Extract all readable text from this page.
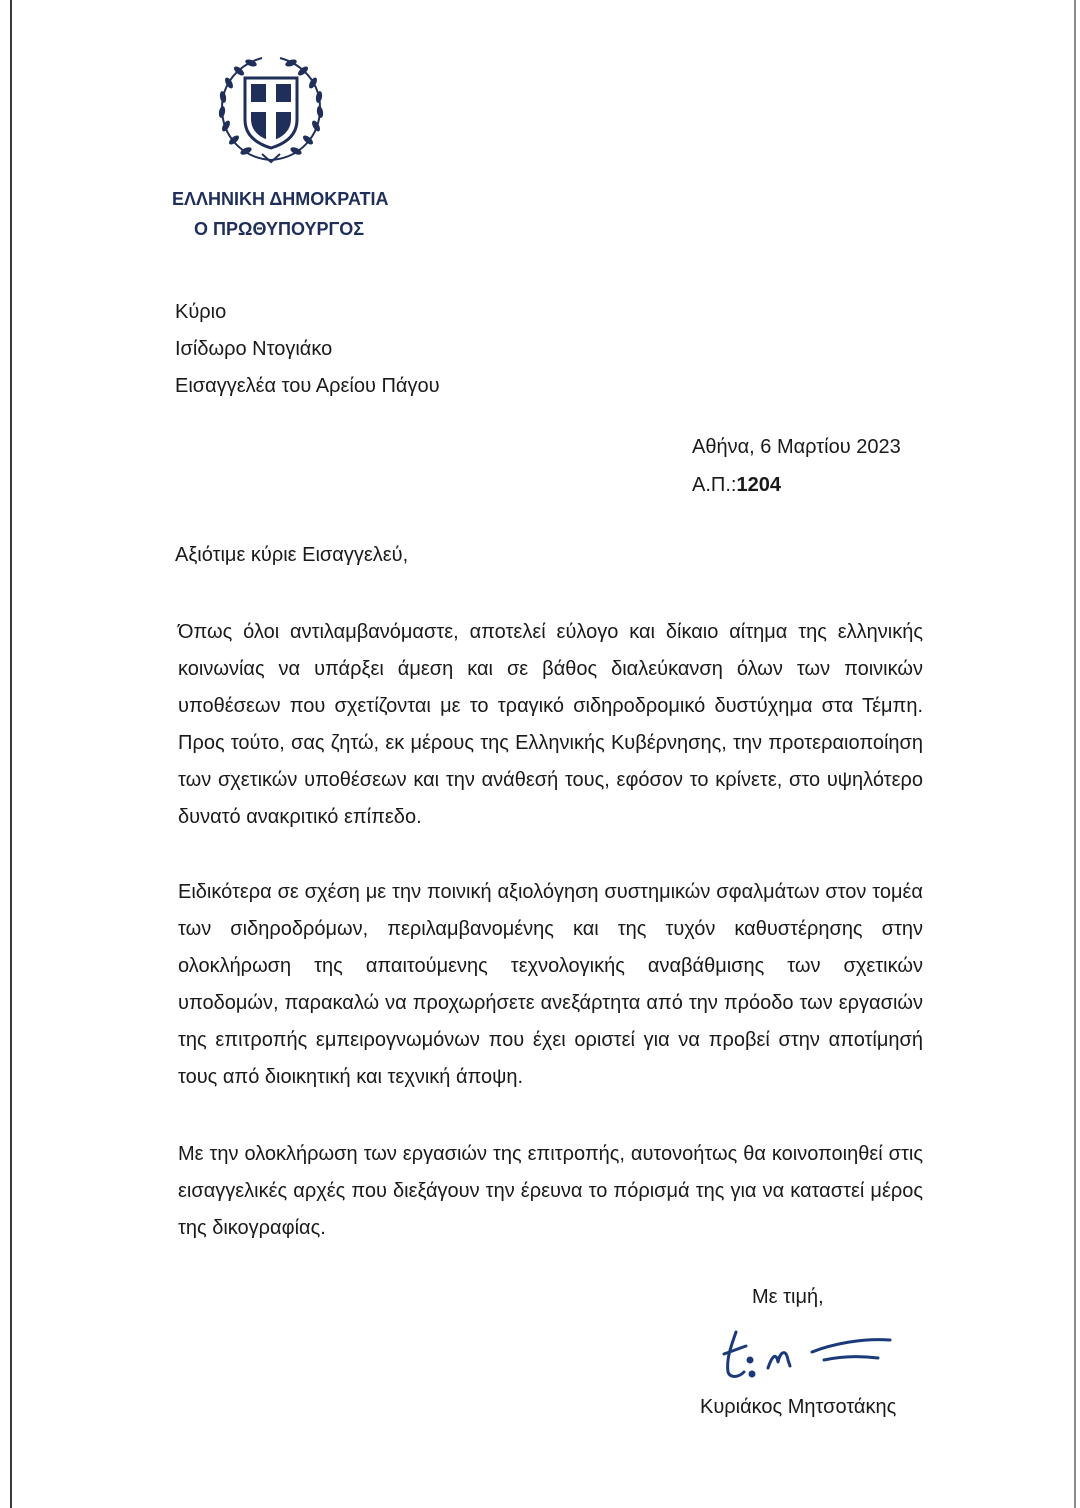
ΕΛΛΗΝΙΚΗ ΔΗΜΟΚΡΑΤΙΑ
Ο ΠΡΩΘΥΠΟΥΡΓΟΣ
Κύριο
Ισίδωρο Ντογιάκο
Εισαγγελέα του Αρείου Πάγου
Αθήνα, 6 Μαρτίου 2023
Α.Π.:1204
Αξιότιμε κύριε Εισαγγελεύ,
Όπως όλοι αντιλαμβανόμαστε, αποτελεί εύλογο και δίκαιο αίτημα της ελληνικής κοινωνίας να υπάρξει άμεση και σε βάθος διαλεύκανση όλων των ποινικών υποθέσεων που σχετίζονται με το τραγικό σιδηροδρομικό δυστύχημα στα Τέμπη. Προς τούτο, σας ζητώ, εκ μέρους της Ελληνικής Κυβέρνησης, την προτεραιοποίηση των σχετικών υποθέσεων και την ανάθεσή τους, εφόσον το κρίνετε, στο υψηλότερο δυνατό ανακριτικό επίπεδο.
Ειδικότερα σε σχέση με την ποινική αξιολόγηση συστημικών σφαλμάτων στον τομέα των σιδηροδρόμων, περιλαμβανομένης και της τυχόν καθυστέρησης στην ολοκλήρωση της απαιτούμενης τεχνολογικής αναβάθμισης των σχετικών υποδομών, παρακαλώ να προχωρήσετε ανεξάρτητα από την πρόοδο των εργασιών της επιτροπής εμπειρογνωμόνων που έχει οριστεί για να προβεί στην αποτίμησή τους από διοικητική και τεχνική άποψη.
Με την ολοκλήρωση των εργασιών της επιτροπής, αυτονοήτως θα κοινοποιηθεί στις εισαγγελικές αρχές που διεξάγουν την έρευνα το πόρισμά της για να καταστεί μέρος της δικογραφίας.
Με τιμή,
Κυριάκος Μητσοτάκης
